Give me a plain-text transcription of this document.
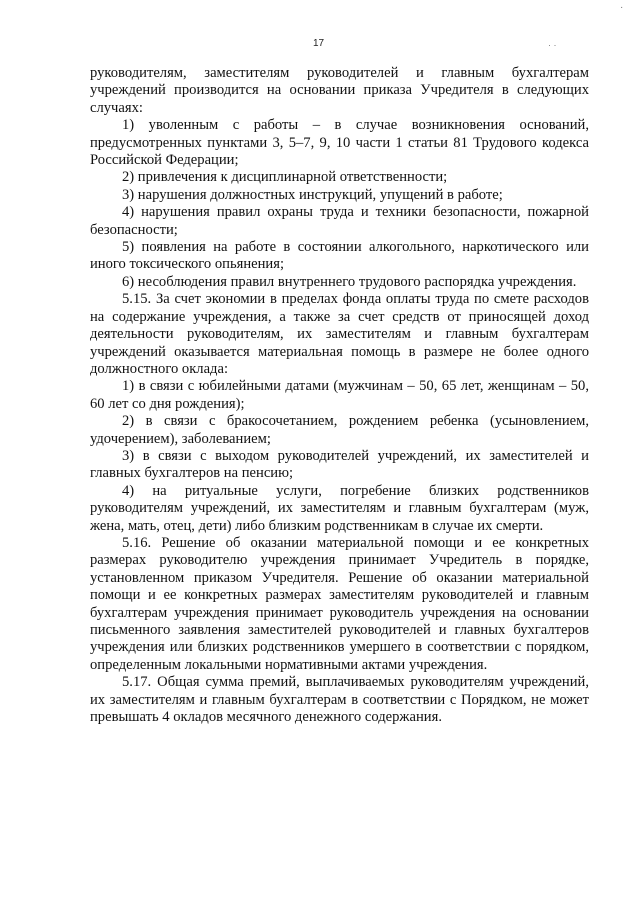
17

руководителям, заместителям руководителей и главным бухгалтерам учреждений производится на основании приказа Учредителя в следующих случаях:

1) уволенным с работы – в случае возникновения оснований, предусмотренных пунктами 3, 5–7, 9, 10 части 1 статьи 81 Трудового кодекса Российской Федерации;

2) привлечения к дисциплинарной ответственности;

3) нарушения должностных инструкций, упущений в работе;

4) нарушения правил охраны труда и техники безопасности, пожарной безопасности;

5) появления на работе в состоянии алкогольного, наркотического или иного токсического опьянения;

6) несоблюдения правил внутреннего трудового распорядка учреждения.

5.15. За счет экономии в пределах фонда оплаты труда по смете расходов на содержание учреждения, а также за счет средств от приносящей доход деятельности руководителям, их заместителям и главным бухгалтерам учреждений оказывается материальная помощь в размере не более одного должностного оклада:

1) в связи с юбилейными датами (мужчинам – 50, 65 лет, женщинам – 50, 60 лет со дня рождения);

2) в связи с бракосочетанием, рождением ребенка (усыновлением, удочерением), заболеванием;

3) в связи с выходом руководителей учреждений, их заместителей и главных бухгалтеров на пенсию;

4) на ритуальные услуги, погребение близких родственников руководителям учреждений, их заместителям и главным бухгалтерам (муж, жена, мать, отец, дети) либо близким родственникам в случае их смерти.

5.16. Решение об оказании материальной помощи и ее конкретных размерах руководителю учреждения принимает Учредитель в порядке, установленном приказом Учредителя. Решение об оказании материальной помощи и ее конкретных размерах заместителям руководителей и главным бухгалтерам учреждения принимает руководитель учреждения на основании письменного заявления заместителей руководителей и главных бухгалтеров учреждения или близких родственников умершего в соответствии с порядком, определенным локальными нормативными актами учреждения.

5.17. Общая сумма премий, выплачиваемых руководителям учреждений, их заместителям и главным бухгалтерам в соответствии с Порядком, не может превышать 4 окладов месячного денежного содержания.

· ·
·
